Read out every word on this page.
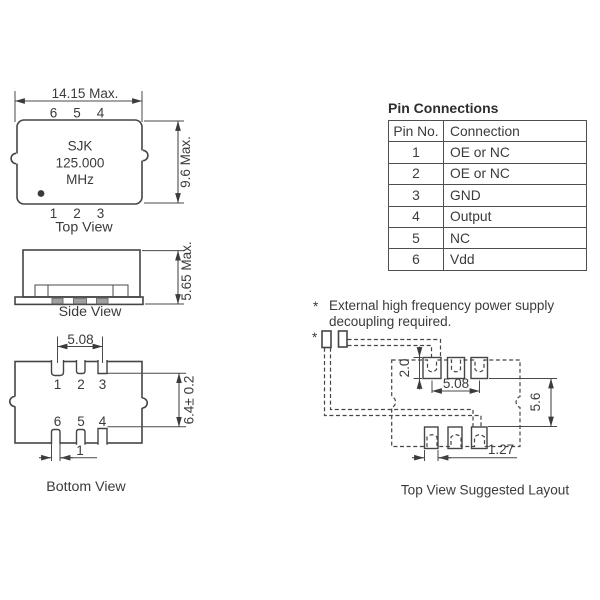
14.15 Max.
6 5 4
SJK
125.000
MHz
1 2 3
Top View
9.6 Max.
5.65 Max.
Side View
1 2 3
6 5 4
5.08
6.4± 0.2
1
Bottom View
* External high frequency power supply
decoupling required.
*
2.0
5.08
5.6
1.27
Top View Suggested Layout
Pin Connections
Pin No.	Connection
1	OE or NC
2	OE or NC
3	GND
4	Output
5	NC
6	Vdd
